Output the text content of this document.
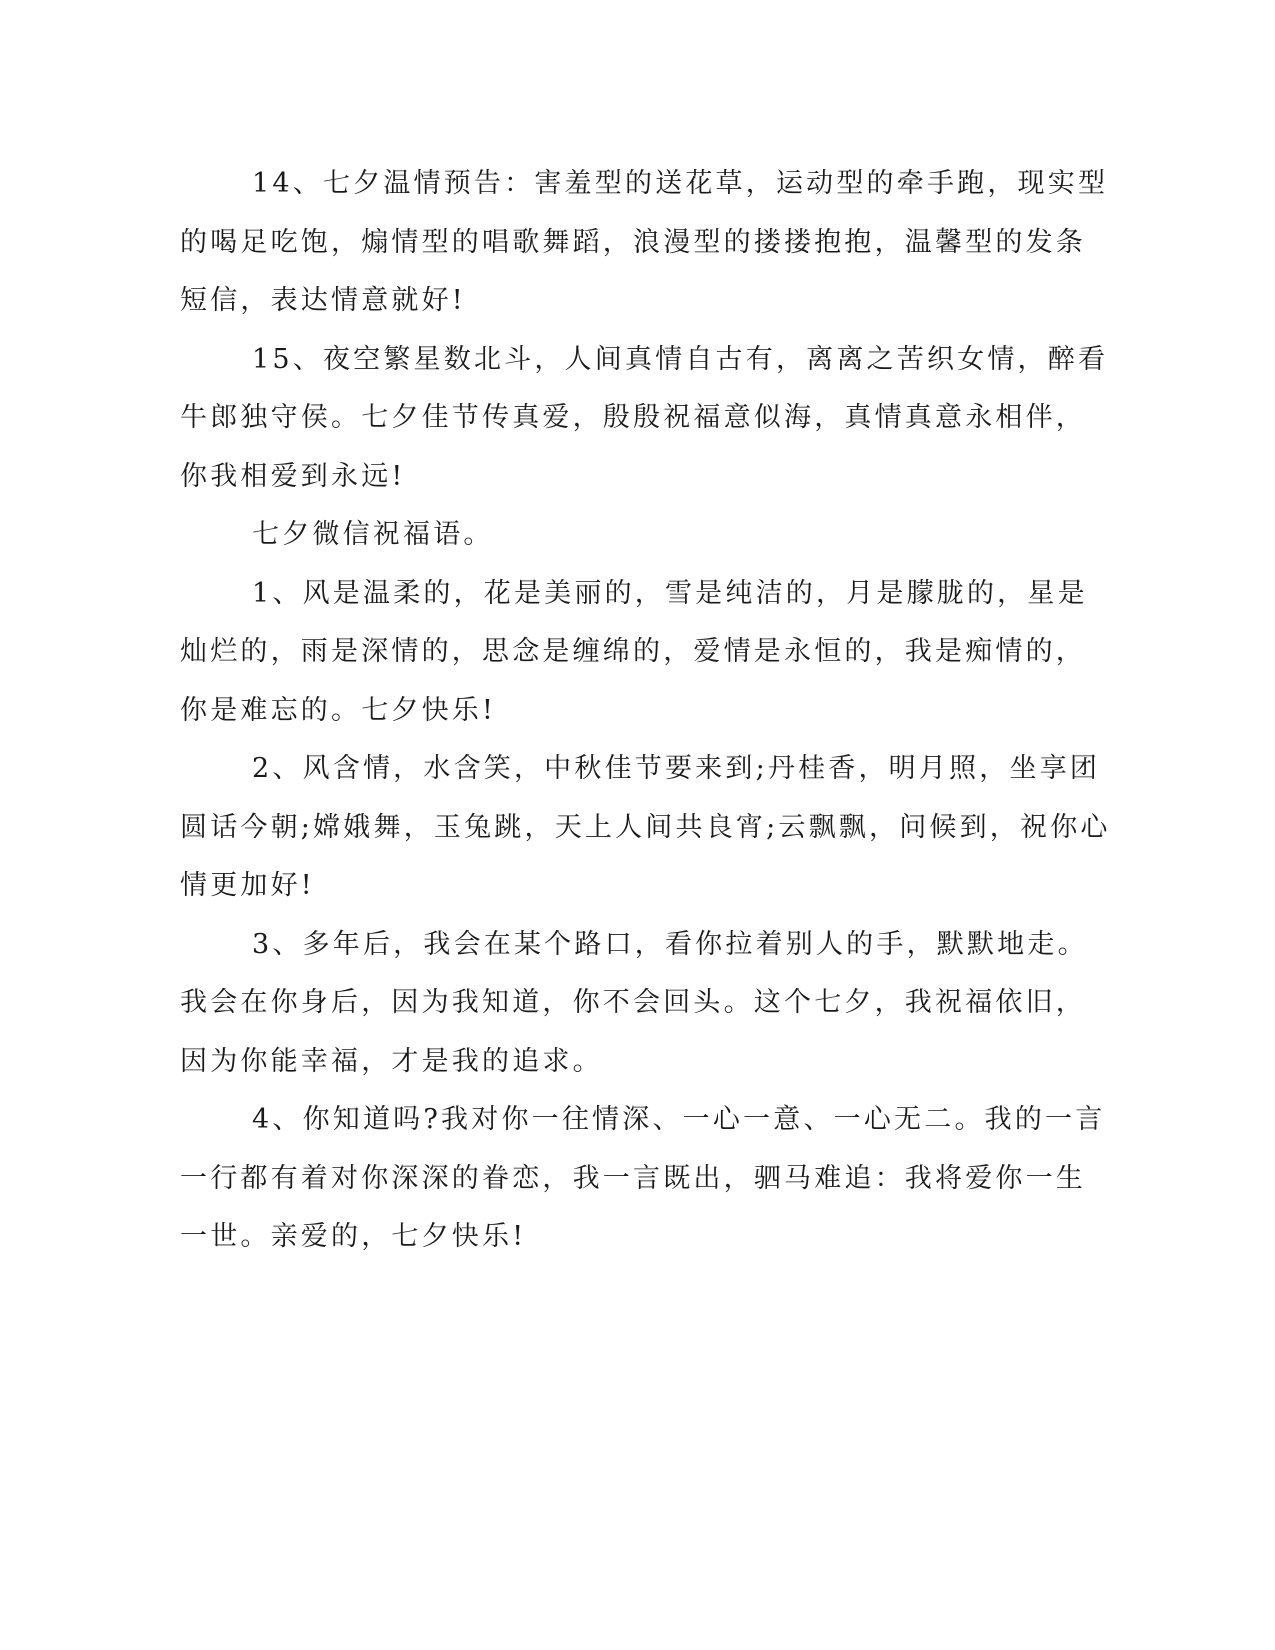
14、七夕温情预告：害羞型的送花草，运动型的牵手跑，现实型
的喝足吃饱，煽情型的唱歌舞蹈，浪漫型的搂搂抱抱，温馨型的发条
短信，表达情意就好!

15、夜空繁星数北斗，人间真情自古有，离离之苦织女情，醉看
牛郎独守侯。七夕佳节传真爱，殷殷祝福意似海，真情真意永相伴，
你我相爱到永远!

七夕微信祝福语。

1、风是温柔的，花是美丽的，雪是纯洁的，月是朦胧的，星是
灿烂的，雨是深情的，思念是缠绵的，爱情是永恒的，我是痴情的，
你是难忘的。七夕快乐!

2、风含情，水含笑，中秋佳节要来到;丹桂香，明月照，坐享团
圆话今朝;嫦娥舞，玉兔跳，天上人间共良宵;云飘飘，问候到，祝你心
情更加好!

3、多年后，我会在某个路口，看你拉着别人的手，默默地走。
我会在你身后，因为我知道，你不会回头。这个七夕，我祝福依旧，
因为你能幸福，才是我的追求。

4、你知道吗?我对你一往情深、一心一意、一心无二。我的一言
一行都有着对你深深的眷恋，我一言既出，驷马难追：我将爱你一生
一世。亲爱的，七夕快乐!
